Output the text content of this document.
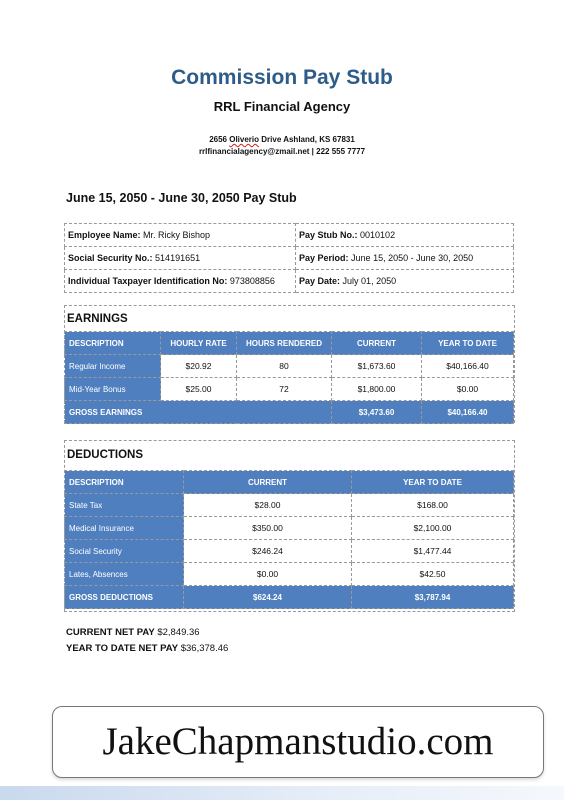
Commission Pay Stub
RRL Financial Agency
2656 Oliverio Drive Ashland, KS 67831
rrlfinancialagency@zmail.net | 222 555 7777
June 15, 2050 - June 30, 2050 Pay Stub
Employee Name: Mr. Ricky Bishop	Pay Stub No.: 0010102
Social Security No.: 514191651	Pay Period: June 15, 2050 - June 30, 2050
Individual Taxpayer Identification No: 973808856	Pay Date: July 01, 2050
EARNINGS
DESCRIPTION	HOURLY RATE	HOURS RENDERED	CURRENT	YEAR TO DATE
Regular Income	$20.92	80	$1,673.60	$40,166.40
Mid-Year Bonus	$25.00	72	$1,800.00	$0.00
GROSS EARNINGS			$3,473.60	$40,166.40
DEDUCTIONS
DESCRIPTION	CURRENT	YEAR TO DATE
State Tax	$28.00	$168.00
Medical Insurance	$350.00	$2,100.00
Social Security	$246.24	$1,477.44
Lates, Absences	$0.00	$42.50
GROSS DEDUCTIONS	$624.24	$3,787.94
CURRENT NET PAY $2,849.36
YEAR TO DATE NET PAY $36,378.46
JakeChapmanstudio.com
